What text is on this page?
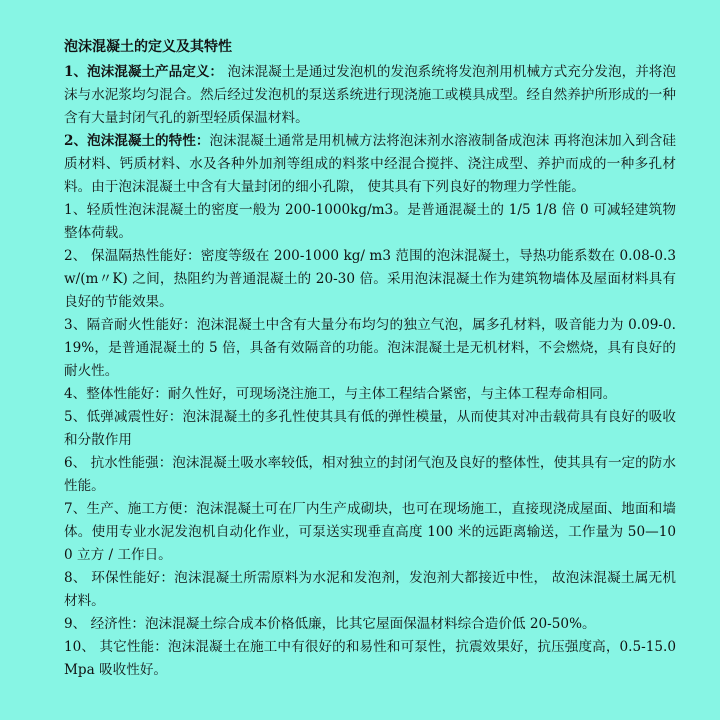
泡沫混凝土的定义及其特性

1、泡沫混凝土产品定义： 泡沫混凝土是通过发泡机的发泡系统将发泡剂用机械方式充分发泡，并将泡沫与水泥浆均匀混合。然后经过发泡机的泵送系统进行现浇施工或模具成型。经自然养护所形成的一种含有大量封闭气孔的新型轻质保温材料。

2、泡沫混凝土的特性：泡沫混凝土通常是用机械方法将泡沫剂水溶液制备成泡沫 再将泡沫加入到含硅质材料、钙质材料、水及各种外加剂等组成的料浆中经混合搅拌、浇注成型、养护而成的一种多孔材料。由于泡沫混凝土中含有大量封闭的细小孔隙， 使其具有下列良好的物理力学性能。

1、轻质性泡沫混凝土的密度一般为 200-1000kg/m3。是普通混凝土的 1/5 1/8 倍 0 可减轻建筑物整体荷载。

2、 保温隔热性能好：密度等级在 200-1000 kg/ m3 范围的泡沫混凝土，导热功能系数在 0.08-0.3w/(m〃K) 之间，热阻约为普通混凝土的 20-30 倍。采用泡沫混凝土作为建筑物墙体及屋面材料具有良好的节能效果。

3、隔音耐火性能好：泡沫混凝土中含有大量分布均匀的独立气泡，属多孔材料，吸音能力为 0.09-0.19%，是普通混凝土的 5 倍，具备有效隔音的功能。泡沫混凝土是无机材料，不会燃烧，具有良好的耐火性。

4、整体性能好：耐久性好，可现场浇注施工，与主体工程结合紧密，与主体工程寿命相同。

5、低弹减震性好：泡沫混凝土的多孔性使其具有低的弹性模量，从而使其对冲击载荷具有良好的吸收和分散作用

6、 抗水性能强：泡沫混凝土吸水率较低，相对独立的封闭气泡及良好的整体性，使其具有一定的防水性能。

7、生产、施工方便：泡沫混凝土可在厂内生产成砌块，也可在现场施工，直接现浇成屋面、地面和墙体。使用专业水泥发泡机自动化作业，可泵送实现垂直高度 100 米的远距离输送，工作量为 50—100 立方 / 工作日。

8、 环保性能好：泡沫混凝土所需原料为水泥和发泡剂，发泡剂大都接近中性， 故泡沫混凝土属无机材料。

9、 经济性：泡沫混凝土综合成本价格低廉，比其它屋面保温材料综合造价低 20-50%。

10、 其它性能：泡沫混凝土在施工中有很好的和易性和可泵性，抗震效果好，抗压强度高，0.5-15.0Mpa 吸收性好。
